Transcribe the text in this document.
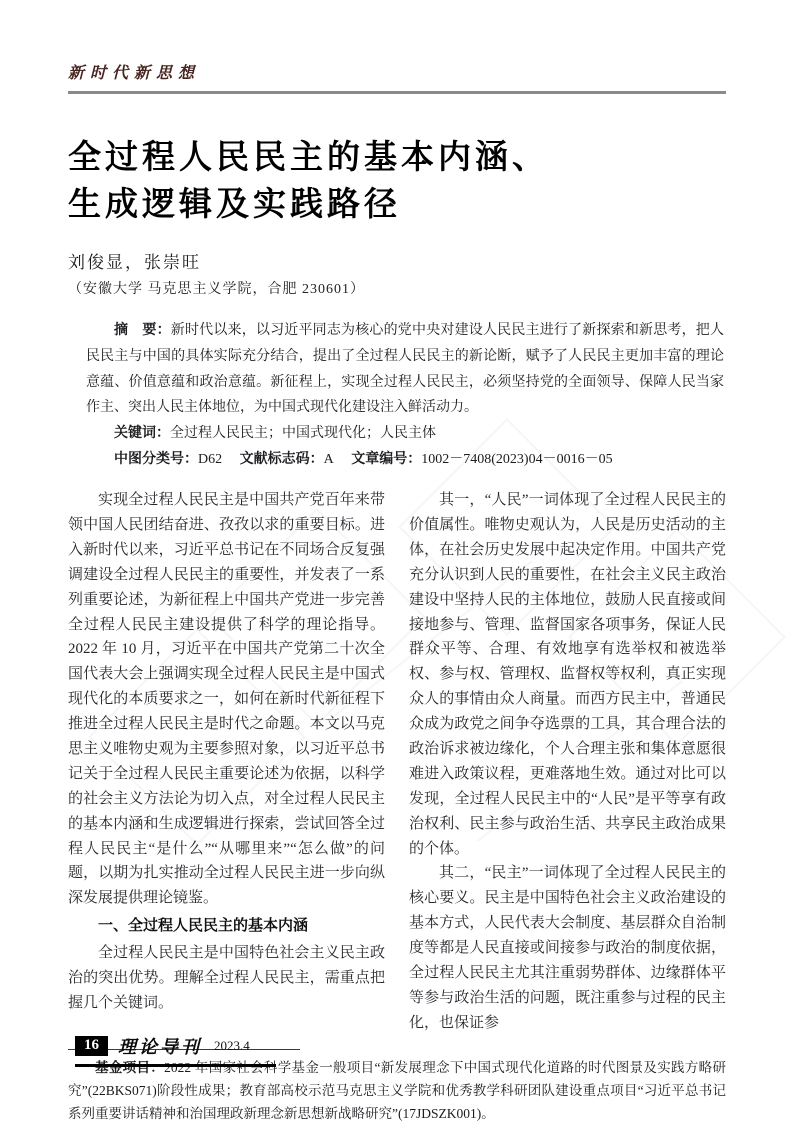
新时代新思想
全过程人民民主的基本内涵、
生成逻辑及实践路径
刘俊显，张崇旺
（安徽大学 马克思主义学院，合肥 230601）

摘　要：新时代以来，以习近平同志为核心的党中央对建设人民民主进行了新探索和新思考，把人民民主与中国的具体实际充分结合，提出了全过程人民民主的新论断，赋予了人民民主更加丰富的理论意蕴、价值意蕴和政治意蕴。新征程上，实现全过程人民民主，必须坚持党的全面领导、保障人民当家作主、突出人民主体地位，为中国式现代化建设注入鲜活动力。

关键词：全过程人民民主；中国式现代化；人民主体

中图分类号：D62 文献标志码：A 文章编号：1002－7408(2023)04－0016－05

实现全过程人民民主是中国共产党百年来带领中国人民团结奋进、孜孜以求的重要目标。进入新时代以来，习近平总书记在不同场合反复强调建设全过程人民民主的重要性，并发表了一系列重要论述，为新征程上中国共产党进一步完善全过程人民民主建设提供了科学的理论指导。2022 年 10 月，习近平在中国共产党第二十次全国代表大会上强调实现全过程人民民主是中国式现代化的本质要求之一，如何在新时代新征程下推进全过程人民民主是时代之命题。本文以马克思主义唯物史观为主要参照对象，以习近平总书记关于全过程人民民主重要论述为依据，以科学的社会主义方法论为切入点，对全过程人民民主的基本内涵和生成逻辑进行探索，尝试回答全过程人民民主“是什么”“从哪里来”“怎么做”的问题，以期为扎实推动全过程人民民主进一步向纵深发展提供理论镜鉴。

一、全过程人民民主的基本内涵

全过程人民民主是中国特色社会主义民主政治的突出优势。理解全过程人民民主，需重点把握几个关键词。

其一，“人民”一词体现了全过程人民民主的价值属性。唯物史观认为，人民是历史活动的主体，在社会历史发展中起决定作用。中国共产党充分认识到人民的重要性，在社会主义民主政治建设中坚持人民的主体地位，鼓励人民直接或间接地参与、管理、监督国家各项事务，保证人民群众平等、合理、有效地享有选举权和被选举权、参与权、管理权、监督权等权利，真正实现众人的事情由众人商量。而西方民主中，普通民众成为政党之间争夺选票的工具，其合理合法的政治诉求被边缘化，个人合理主张和集体意愿很难进入政策议程，更难落地生效。通过对比可以发现，全过程人民民主中的“人民”是平等享有政治权利、民主参与政治生活、共享民主政治成果的个体。

其二，“民主”一词体现了全过程人民民主的核心要义。民主是中国特色社会主义政治建设的基本方式，人民代表大会制度、基层群众自治制度等都是人民直接或间接参与政治的制度依据，全过程人民民主尤其注重弱势群体、边缘群体平等参与政治生活的问题，既注重参与过程的民主化，也保证参

基金项目：2022 年国家社会科学基金一般项目“新发展理念下中国式现代化道路的时代图景及实践方略研究”(22BKS071)阶段性成果；教育部高校示范马克思主义学院和优秀教学科研团队建设重点项目“习近平总书记系列重要讲话精神和治国理政新理念新思想新战略研究”(17JDSZK001)。

16	理论导刊 2023.4
